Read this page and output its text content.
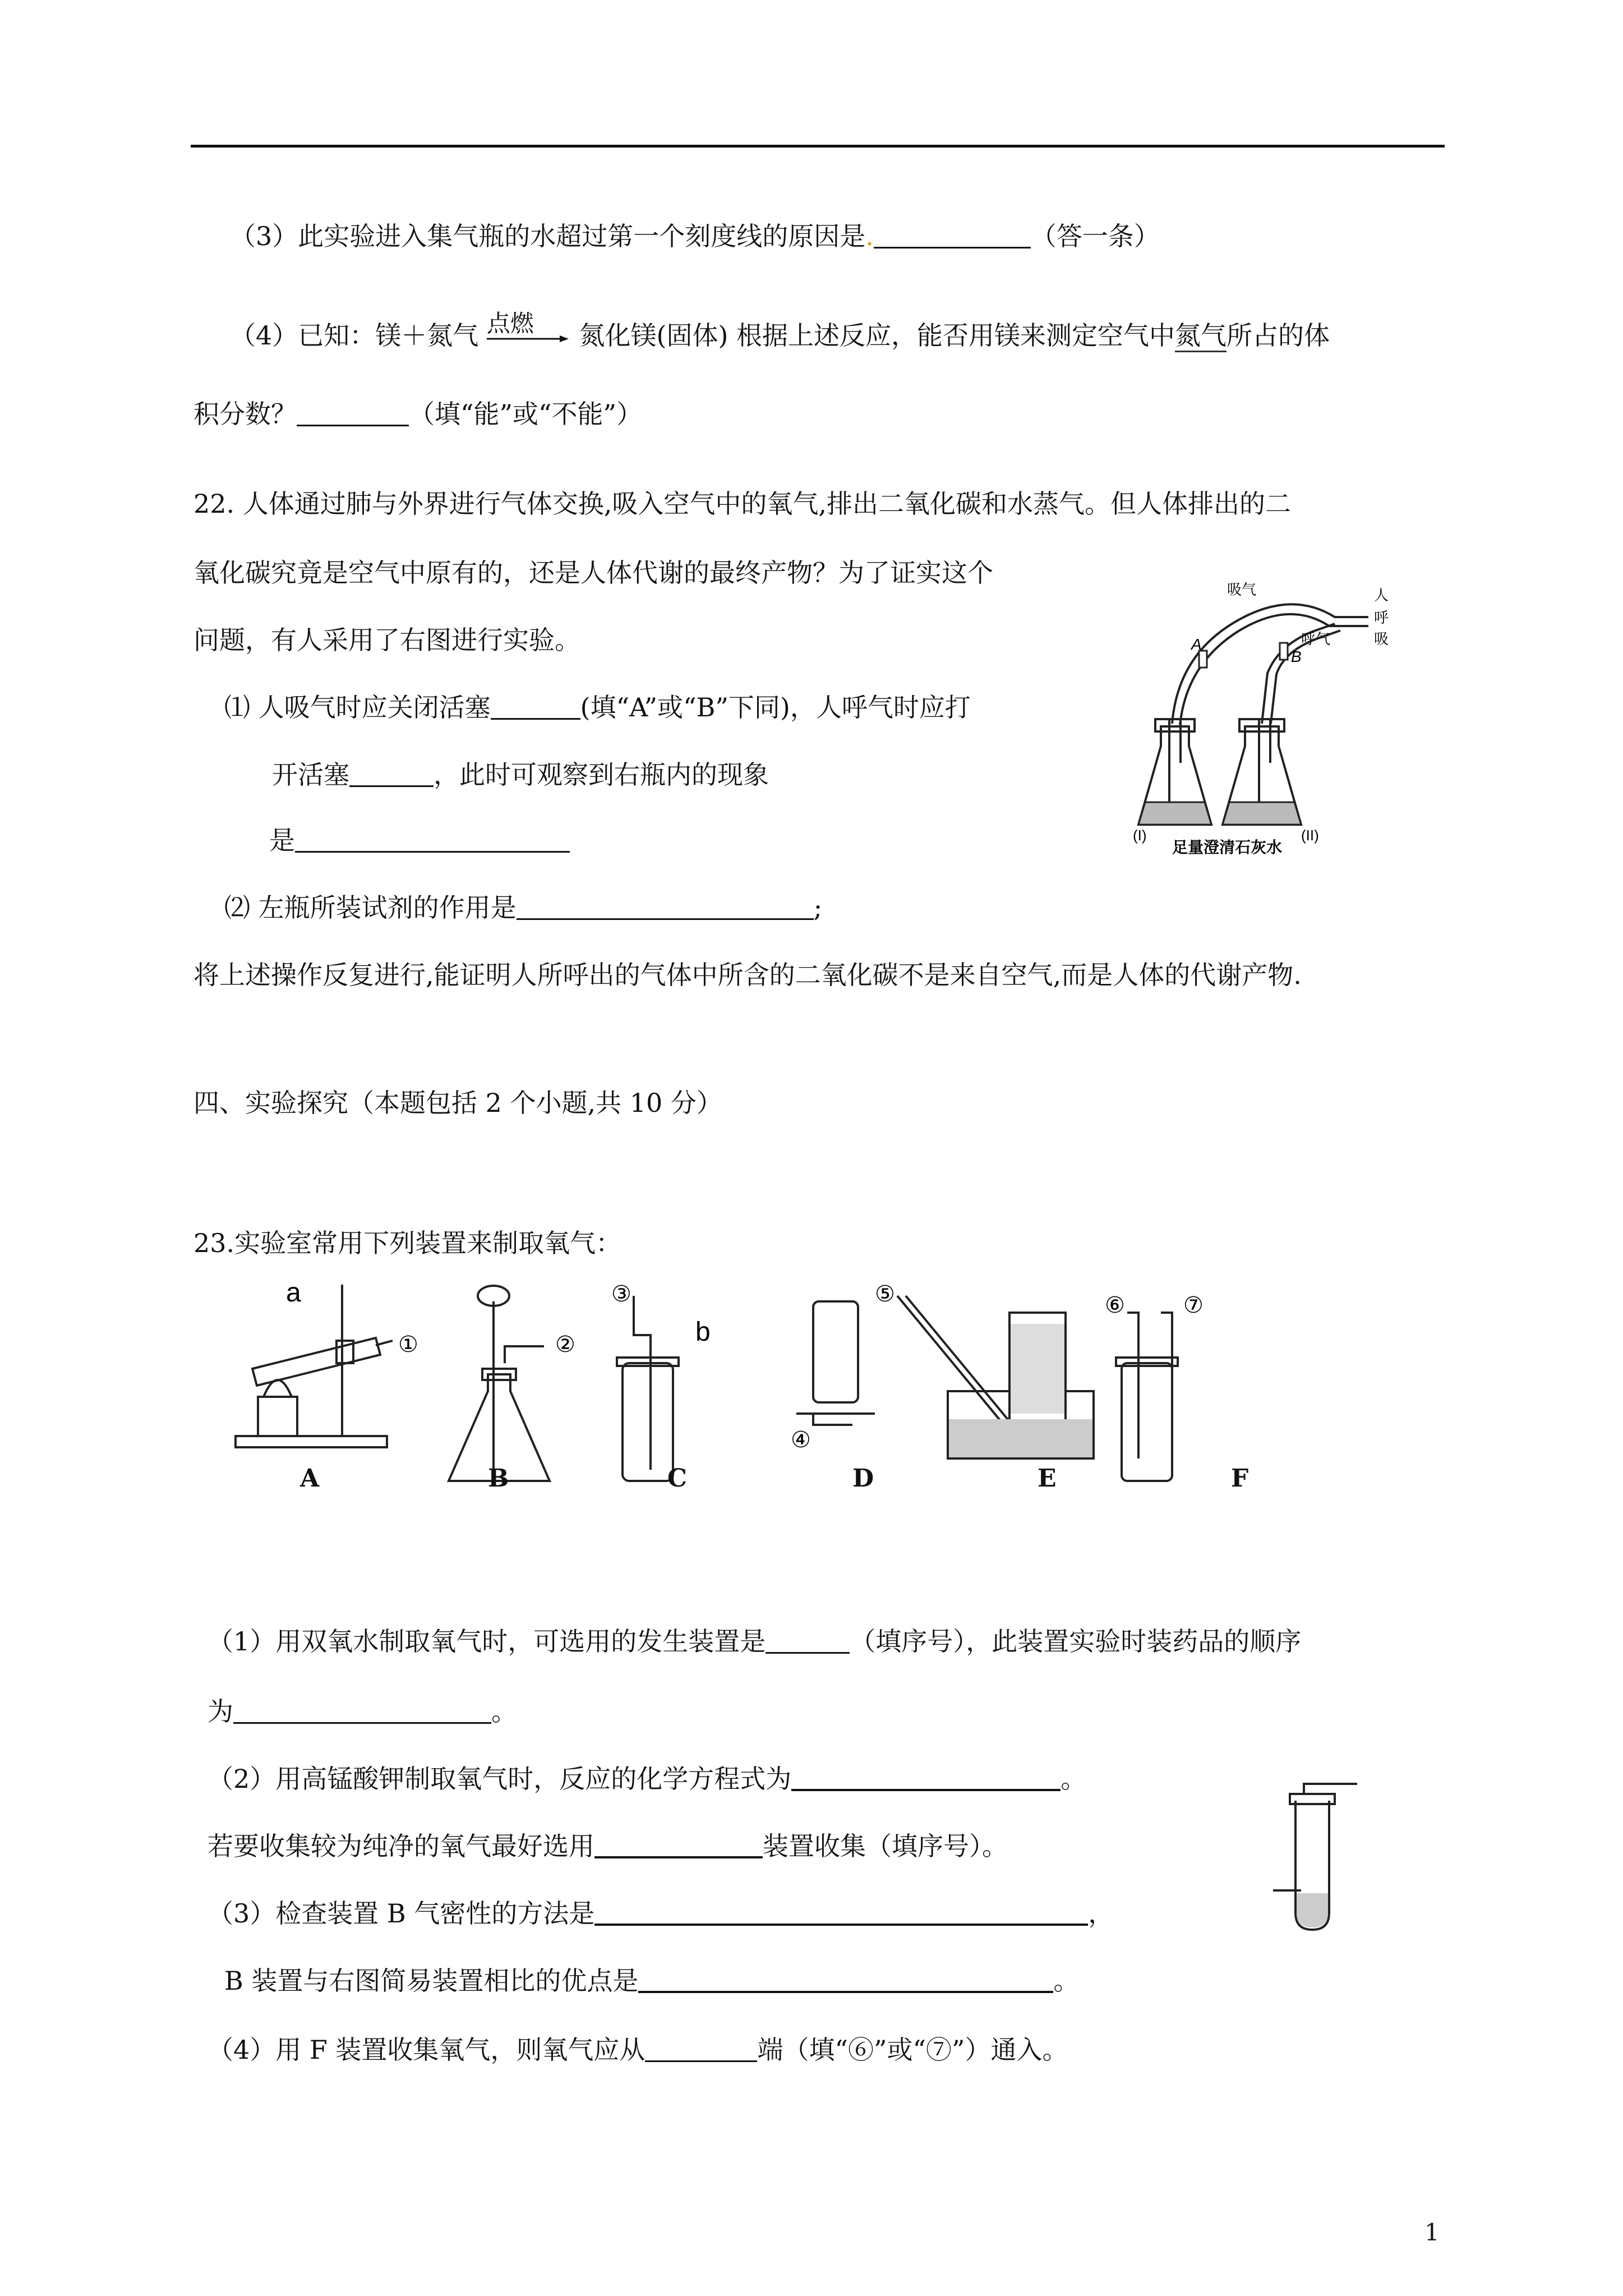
（3）此实验进入集气瓶的水超过第一个刻度线的原因是.	（答一条）
（4）已知：镁＋氮气 点燃 氮化镁(固体) 根据上述反应，能否用镁来测定空气中氮气所占的体
积分数？	（填“能”或“不能”）
22. 人体通过肺与外界进行气体交换,吸入空气中的氧气,排出二氧化碳和水蒸气。但人体排出的二
氧化碳究竟是空气中原有的，还是人体代谢的最终产物？为了证实这个
问题，有人采用了右图进行实验。
⑴ 人吸气时应关闭活塞	(填“A”或“B”下同)，人呼气时应打
开活塞	，此时可观察到右瓶内的现象
是
⑵ 左瓶所装试剂的作用是	;
将上述操作反复进行,能证明人所呼出的气体中所含的二氧化碳不是来自空气,而是人体的代谢产物.
吸气
呼气
人
呼
吸
A
B
(I)	(II)
足量澄清石灰水
四、实验探究（本题包括 2 个小题,共 10 分）
23.实验室常用下列装置来制取氧气：
a
①	②
③
b
④
⑤	⑥	⑦
A	B	C	D	E	F
（1）用双氧水制取氧气时，可选用的发生装置是	（填序号），此装置实验时装药品的顺序
为	。
（2）用高锰酸钾制取氧气时，反应的化学方程式为	。
若要收集较为纯净的氧气最好选用	装置收集（填序号）。
（3）检查装置 B 气密性的方法是	，
B 装置与右图简易装置相比的优点是	。
（4）用 F 装置收集氧气，则氧气应从	端（填“⑥”或“⑦”）通入。
1
